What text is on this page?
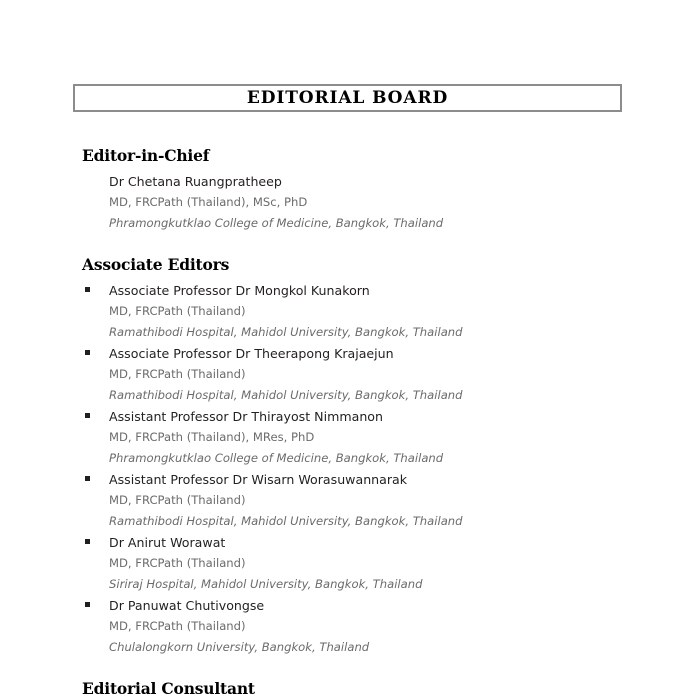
EDITORIAL BOARD
Editor-in-Chief
Dr Chetana Ruangpratheep
MD, FRCPath (Thailand), MSc, PhD
Phramongkutklao College of Medicine, Bangkok, Thailand
Associate Editors
Associate Professor Dr Mongkol Kunakorn
MD, FRCPath (Thailand)
Ramathibodi Hospital, Mahidol University, Bangkok, Thailand
Associate Professor Dr Theerapong Krajaejun
MD, FRCPath (Thailand)
Ramathibodi Hospital, Mahidol University, Bangkok, Thailand
Assistant Professor Dr Thirayost Nimmanon
MD, FRCPath (Thailand), MRes, PhD
Phramongkutklao College of Medicine, Bangkok, Thailand
Assistant Professor Dr Wisarn Worasuwannarak
MD, FRCPath (Thailand)
Ramathibodi Hospital, Mahidol University, Bangkok, Thailand
Dr Anirut Worawat
MD, FRCPath (Thailand)
Siriraj Hospital, Mahidol University, Bangkok, Thailand
Dr Panuwat Chutivongse
MD, FRCPath (Thailand)
Chulalongkorn University, Bangkok, Thailand
Editorial Consultant
